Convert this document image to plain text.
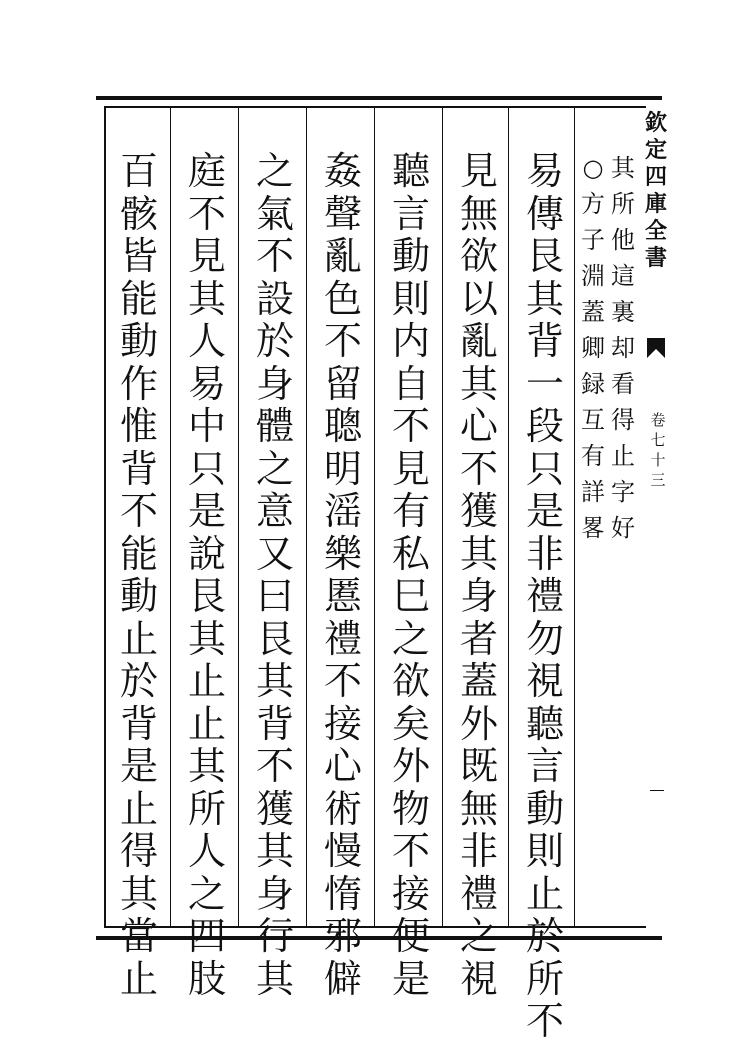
欽
定
四
庫
全
書
卷
七
十
三
易
傳
艮
其
背
一
段
只
是
非
禮
勿
視
聽
言
動
則
止
於
所
不
見
無
欲
以
亂
其
心
不
獲
其
身
者
蓋
外
既
無
非
禮
之
視
聽
言
動
則
内
自
不
見
有
私
巳
之
欲
矣
外
物
不
接
便
是
姦
聲
亂
色
不
留
聰
明
滛
樂
慝
禮
不
接
心
術
慢
惰
邪
僻
之
氣
不
設
於
身
體
之
意
又
曰
艮
其
背
不
獲
其
身
行
其
庭
不
見
其
人
易
中
只
是
說
艮
其
止
止
其
所
人
之
四
肢
百
骸
皆
能
動
作
惟
背
不
能
動
止
於
背
是
止
得
其
當
止
其
所
他
這
裏
却
看
得
止
字
好
○
方
子
淵
蓋
卿
録
互
有
詳
畧
